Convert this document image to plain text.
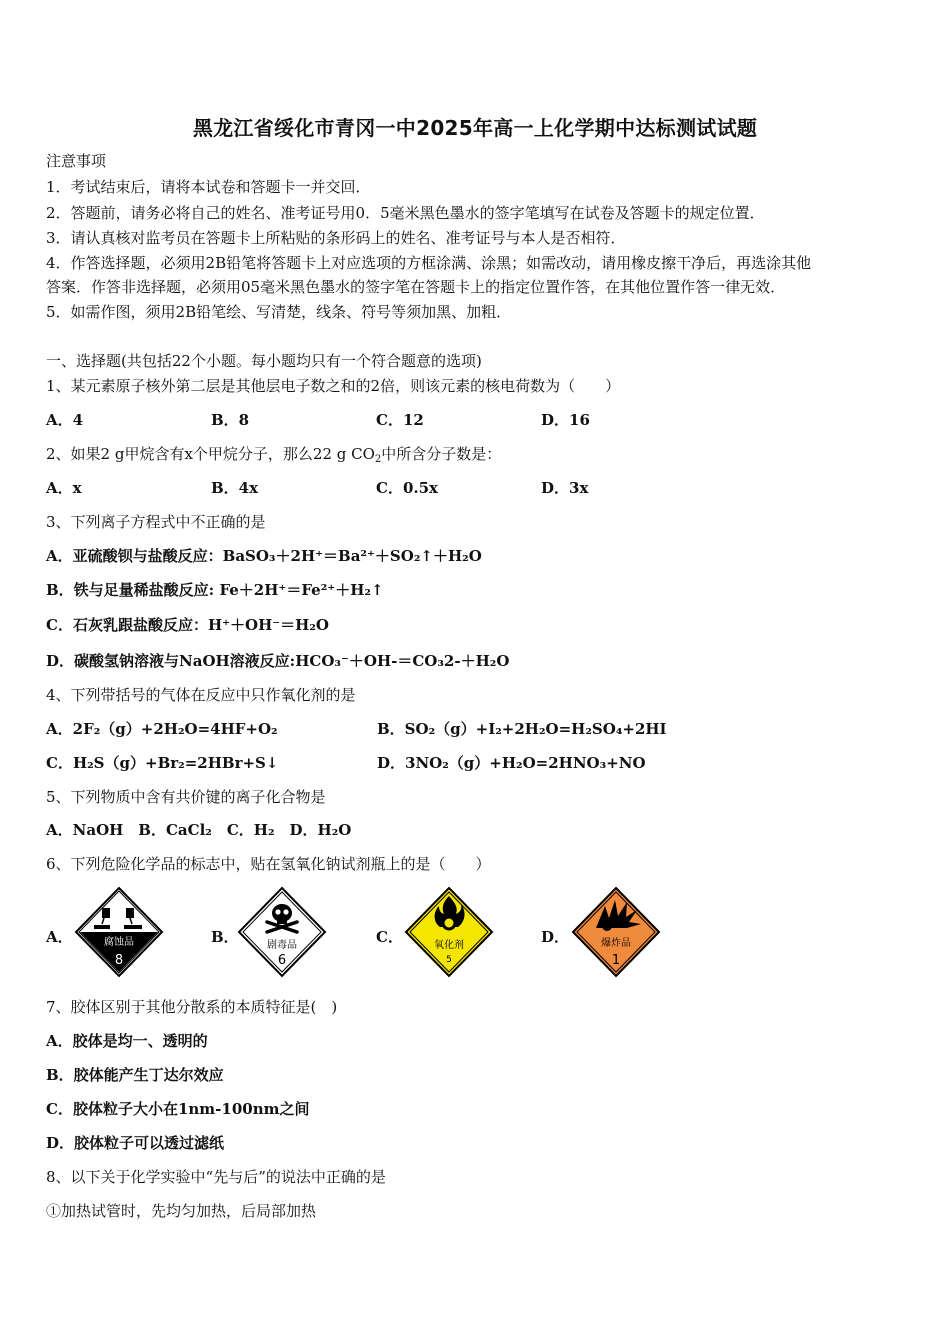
黑龙江省绥化市青冈一中2025年高一上化学期中达标测试试题
注意事项
1．考试结束后，请将本试卷和答题卡一并交回．
2．答题前，请务必将自己的姓名、准考证号用0．5毫米黑色墨水的签字笔填写在试卷及答题卡的规定位置．
3．请认真核对监考员在答题卡上所粘贴的条形码上的姓名、准考证号与本人是否相符．
4．作答选择题，必须用2B铅笔将答题卡上对应选项的方框涂满、涂黑；如需改动，请用橡皮擦干净后，再选涂其他
答案．作答非选择题，必须用05毫米黑色墨水的签字笔在答题卡上的指定位置作答，在其他位置作答一律无效．
5．如需作图，须用2B铅笔绘、写清楚，线条、符号等须加黑、加粗．
一、选择题(共包括22个小题。每小题均只有一个符合题意的选项)
1、某元素原子核外第二层是其他层电子数之和的2倍，则该元素的核电荷数为（　　）
A．4	B．8	C．12	D．16
2、如果2 g甲烷含有x个甲烷分子，那么22 g $CO_2$中所含分子数是：
A．x	B．4x	C．0.5x	D．3x
3、下列离子方程式中不正确的是
A．亚硫酸钡与盐酸反应：BaSO₃＋2H⁺＝Ba²⁺＋SO₂↑＋H₂O
B．铁与足量稀盐酸反应: Fe＋2H⁺＝Fe²⁺＋H₂↑
C．石灰乳跟盐酸反应：H⁺＋OH⁻＝H₂O
D．碳酸氢钠溶液与NaOH溶液反应:HCO₃⁻＋OH-＝CO₃2-＋H₂O
4、下列带括号的气体在反应中只作氧化剂的是
A．2F₂（g）+2H₂O=4HF+O₂	B．SO₂（g）+I₂+2H₂O=H₂SO₄+2HI
C．H₂S（g）+Br₂=2HBr+S↓	D．3NO₂（g）+H₂O=2HNO₃+NO
5、下列物质中含有共价键的离子化合物是
A．NaOH　B．CaCl₂　C．H₂　D．H₂O
6、下列危险化学品的标志中，贴在氢氧化钠试剂瓶上的是（　　）
A．	腐蚀品
8
B．	剧毒品
6
C．	氧化剂
5
D．	爆炸品
1
7、胶体区别于其他分散系的本质特征是(　)
A．胶体是均一、透明的
B．胶体能产生丁达尔效应
C．胶体粒子大小在1nm-100nm之间
D．胶体粒子可以透过滤纸
8、以下关于化学实验中“先与后”的说法中正确的是
①加热试管时，先均匀加热，后局部加热
